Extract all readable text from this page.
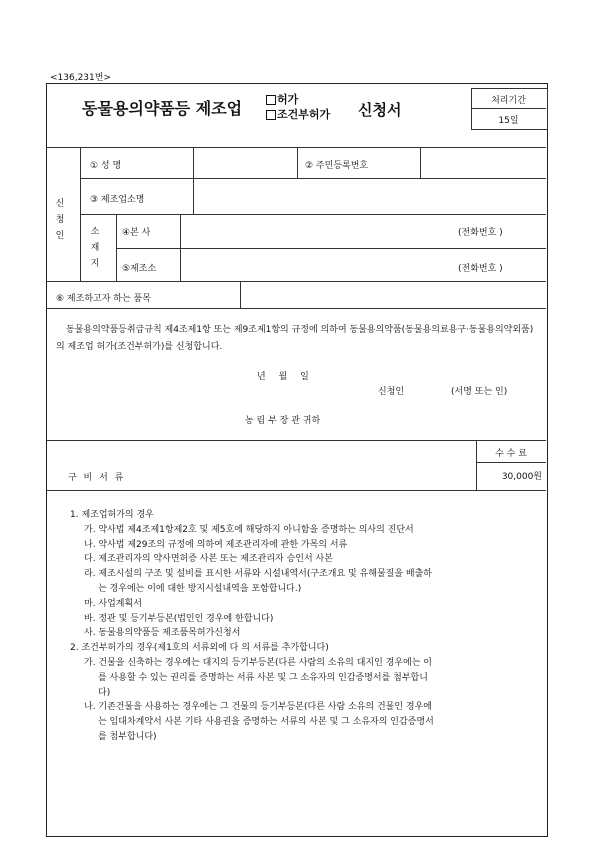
<136,231번>
동물용의약품등 제조업	허가
조건부허가 신청서	처리기간
15일
신
청
인
① 성 명	② 주민등록번호
③ 제조업소명
소
재
지
④본 사	(전화번호 )
⑤제조소	(전화번호 )
⑥ 제조하고자 하는 품목
동물용의약품등취급규칙 제4조제1항 또는 제9조제1항의 규정에 의하여 동물용의약품(동물용의료용구·동물용의약외품)의 제조업 허가(조건부허가)를 신청합니다.
년 월 일
신청인	(서명 또는 인)
농 림 부 장 관 귀하
수 수 료
30,000원
구 비 서 류
1. 제조업허가의 경우
가. 약사법 제4조제1항제2호 및 제5호에 해당하지 아니함을 증명하는 의사의 진단서
나. 약사법 제29조의 규정에 의하여 제조관리자에 관한 가목의 서류
다. 제조관리자의 약사면허증 사본 또는 제조관리자 승인서 사본
라. 제조시설의 구조 및 설비를 표시한 서류와 시설내역서(구조개요 및 유해물질을 배출하
는 경우에는 이에 대한 방지시설내역을 포함합니다.)
마. 사업계획서
바. 정관 및 등기부등본(법인인 경우에 한합니다)
사. 동물용의약품등 제조품목허가신청서
2. 조건부허가의 경우(제1호의 서류외에 다 의 서류를 추가합니다)
가. 건물을 신축하는 경우에는 대지의 등기부등본(다른 사람의 소유의 대지인 경우에는 이
를 사용할 수 있는 권리를 증명하는 서류 사본 및 그 소유자의 인감증명서를 첨부합니
다)
나. 기존건물을 사용하는 경우에는 그 건물의 등기부등본(다른 사람 소유의 건물인 경우에
는 임대차계약서 사본 기타 사용권을 증명하는 서류의 사본 및 그 소유자의 인감증명서
를 첨부합니다)
